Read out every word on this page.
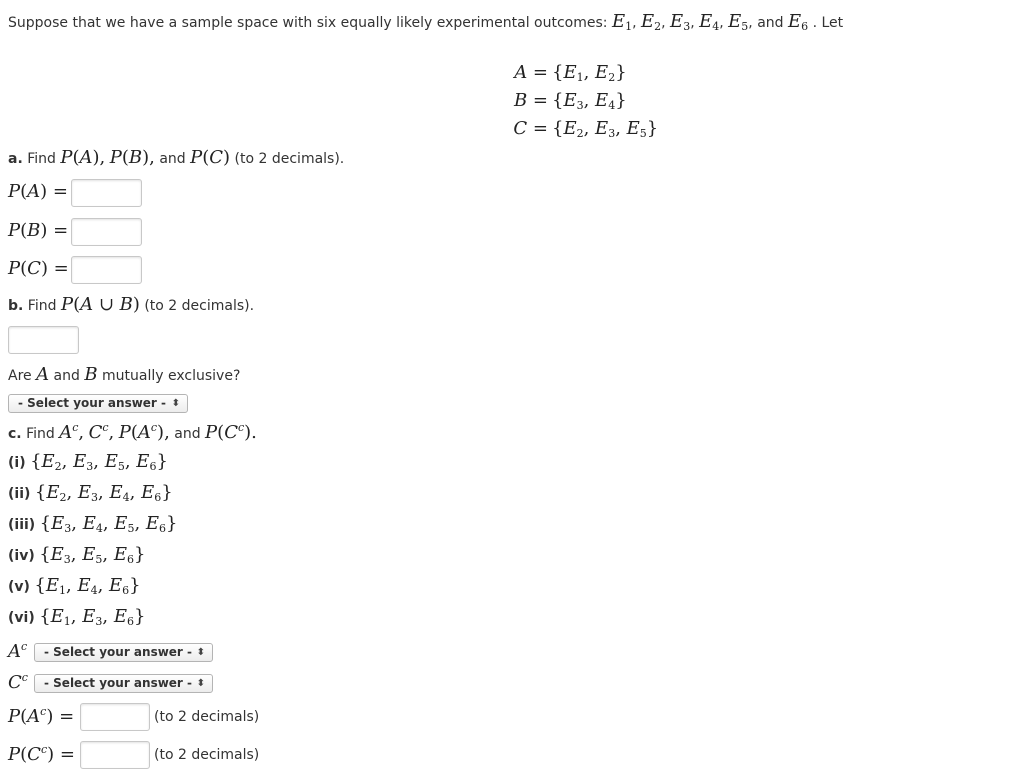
Suppose that we have a sample space with six equally likely experimental outcomes: $E_1$, $E_2$, $E_3$, $E_4$, $E_5$, and $E_6$ . Let
$A = \{E_1$, $E_2$}
$B = \{E_3$, $E_4$}
$C = \{E_2$, $E_3$, $E_5$}
a. Find P(A), P(B), and P(C) (to 2 decimals).
P(A) =
P(B) =
P(C) =
b. Find P(A ∪ B) (to 2 decimals).
Are A and B mutually exclusive?
- Select your answer - ⬍
c. Find $A^c$, $C^c$, $P(A^c)$, and $P(C^c)$.
(i) {$E_2$, $E_3$, $E_5$, $E_6$}
(ii) {$E_2$, $E_3$, $E_4$, $E_6$}
(iii) {$E_3$, $E_4$, $E_5$, $E_6$}
(iv) {$E_3$, $E_5$, $E_6$}
(v) {$E_1$, $E_4$, $E_6$}
(vi) {$E_1$, $E_3$, $E_6$}
$A^c$	- Select your answer - ⬍
$C^c$	- Select your answer - ⬍
$P(A^c)$ =	(to 2 decimals)
$P(C^c)$ =	(to 2 decimals)
